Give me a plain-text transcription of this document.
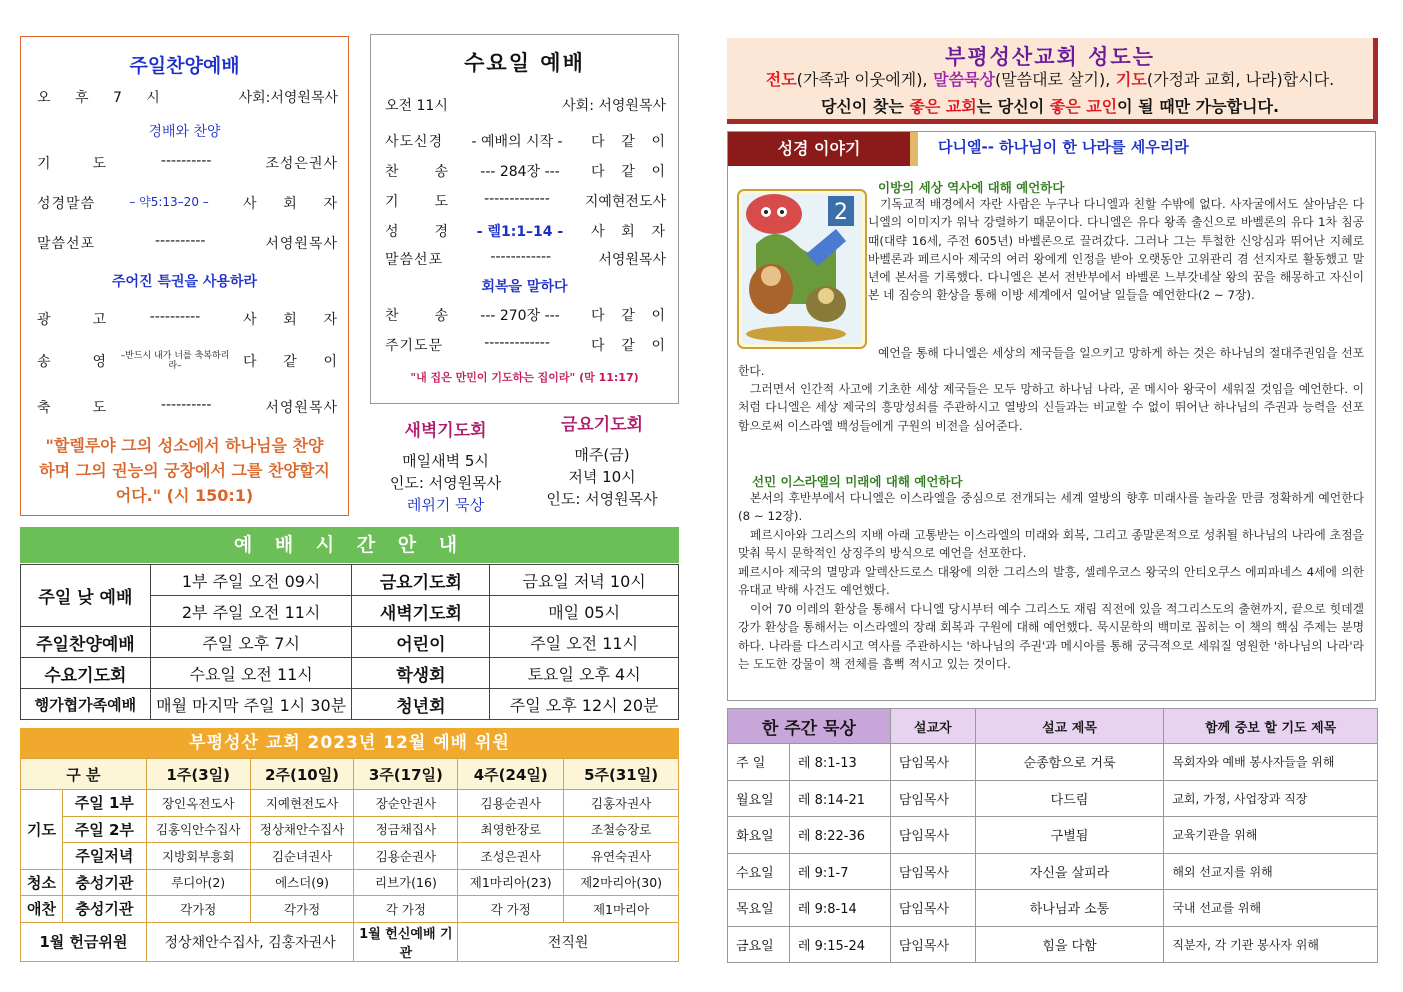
주일찬양예배
오 후 7 시	사회:서영원목사
경배와 찬양
기	도	----------	조성은권사
성경말씀	– 약5:13–20 – 사 회 자
말씀선포	----------	서영원목사
주어진 특권을 사용하라
광	고	----------	사 회 자
송	영 –반드시 내가 너를 축복하리라–	다 같 이
축	도	----------	서영원목사
"할렐루야 그의 성소에서 하나님을 찬양하며 그의 권능의 궁창에서 그를 찬양할지어다." (시 150:1)
수요일 예배
오전 11시	사회: 서영원목사
사도신경 - 예배의 시작 - 다 같 이
찬 송 --- 284장 --- 다 같 이
기 도	-------------	지예현전도사
성 경 - 렐1:1–14 - 사 회 자
말씀선포	------------	서영원목사
회복을 말하다
찬 송 --- 270장 --- 다 같 이
주기도문	-------------	다 같 이
"내 집은 만민이 기도하는 집이라" (막 11:17)
새벽기도회
매일새벽 5시
인도: 서영원목사
레위기 묵상
금요기도회
매주(금)
저녁 10시
인도: 서영원목사
예 배 시 간 안 내
주일 낮 예배	1부 주일 오전 09시	금요기도회	금요일 저녁 10시
	2부 주일 오전 11시	새벽기도회	매일 05시
주일찬양예배	주일 오후 7시	어린이	주일 오전 11시
수요기도회	수요일 오전 11시	학생회	토요일 오후 4시
행가협가족예배	매월 마지막 주일 1시 30분	청년회	주일 오후 12시 20분
부평성산 교회 2023년 12월 예배 위원
구 분		1주(3일)	2주(10일)	3주(17일)	4주(24일)	5주(31일)
기도	주일 1부	장인옥전도사	지예현전도사	장순안권사	김용순권사	김홍자권사
	주일 2부	김홍익안수집사	정상채안수집사	정금채집사	최영한장로	조철승장로
	주일저녁	지방회부흥회	김순녀권사	김용순권사	조성은권사	유연숙권사
청소	충성기관	루디아(2)	에스더(9)	리브가(16)	제1마리아(23)	제2마리아(30)
애찬	충성기관	각가정	각가정	각 가정	각 가정	제1마리아
1월 헌금위원		정상채안수집사, 김홍자권사		1월 헌신예배 기관	전직원	
부평성산교회 성도는
전도(가족과 이웃에게), 말씀묵상(말씀대로 살기), 기도(가정과 교회, 나라)합시다.
당신이 찾는 좋은 교회는 당신이 좋은 교인이 될 때만 가능합니다.
성경 이야기	다니엘-- 하나님이 한 나라를 세우리라
2
이방의 세상 역사에 대해 예언하다
기독교적 배경에서 자란 사람은 누구나 다니엘과 친할 수밖에 없다. 사자굴에서도 살아남은 다니엘의 이미지가 워낙 강렬하기 때문이다. 다니엘은 유다 왕족 출신으로 바벨론의 유다 1차 침공 때(대략 16세, 주전 605년) 바벨론으로 끌려갔다. 그러나 그는 투철한 신앙심과 뛰어난 지혜로 바벨론과 페르시아 제국의 여러 왕에게 인정을 받아 오랫동안 고위관리 겸 선지자로 활동했고 말년에 본서를 기록했다. 다니엘은 본서 전반부에서 바벨론 느부갓네살 왕의 꿈을 해몽하고 자신이 본 네 짐승의 환상을 통해 이방 세계에서 일어날 일들을 예언한다(2 ~ 7장).
예언을 통해 다니엘은 세상의 제국들을 일으키고 망하게 하는 것은 하나님의 절대주권임을 선포한다.
그러면서 인간적 사고에 기초한 세상 제국들은 모두 망하고 하나님 나라, 곧 메시아 왕국이 세워질 것임을 예언한다. 이처럼 다니엘은 세상 제국의 흥망성쇠를 주관하시고 열방의 신들과는 비교할 수 없이 뛰어난 하나님의 주권과 능력을 선포함으로써 이스라엘 백성들에게 구원의 비전을 심어준다.
선민 이스라엘의 미래에 대해 예언하다
본서의 후반부에서 다니엘은 이스라엘을 중심으로 전개되는 세계 열방의 향후 미래사를 놀라울 만큼 정확하게 예언한다(8 ~ 12장).
페르시아와 그리스의 지배 아래 고통받는 이스라엘의 미래와 회복, 그리고 종말론적으로 성취될 하나님의 나라에 초점을 맞춰 묵시 문학적인 상징주의 방식으로 예언을 선포한다.
페르시아 제국의 멸망과 알렉산드로스 대왕에 의한 그리스의 발흥, 셀레우코스 왕국의 안티오쿠스 에피파네스 4세에 의한 유대교 박해 사건도 예언했다.
이어 70 이레의 환상을 통해서 다니엘 당시부터 예수 그리스도 재림 직전에 있을 적그리스도의 출현까지, 끝으로 힛데겔 강가 환상을 통해서는 이스라엘의 장래 회복과 구원에 대해 예언했다. 묵시문학의 백미로 꼽히는 이 책의 핵심 주제는 분명하다. 나라를 다스리시고 역사를 주관하시는 '하나님의 주권'과 메시아를 통해 궁극적으로 세워질 영원한 '하나님의 나라'라는 도도한 강물이 책 전체를 흠뻑 적시고 있는 것이다.
한 주간 묵상		설교자	설교 제목	함께 중보 할 기도 제목
주 일	레 8:1-13	담임목사	순종함으로 거룩	목회자와 예배 봉사자들을 위해
월요일	레 8:14-21	담임목사	다드림	교회, 가정, 사업장과 직장
화요일	레 8:22-36	담임목사	구별됨	교육기관을 위해
수요일	레 9:1-7	담임목사	자신을 살피라	해외 선교지를 위해
목요일	레 9:8-14	담임목사	하나님과 소통	국내 선교를 위해
금요일	레 9:15-24	담임목사	힘을 다함	직분자, 각 기관 봉사자 위해
